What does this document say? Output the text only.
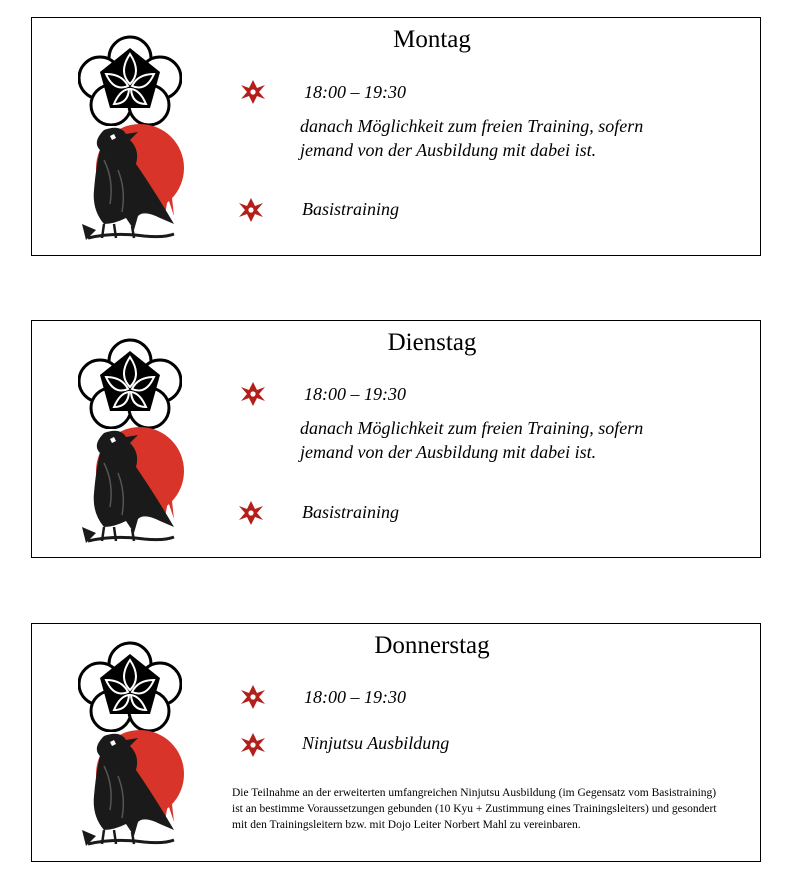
Montag
18:00 – 19:30
danach Möglichkeit zum freien Training, sofern
jemand von der Ausbildung mit dabei ist.
Basistraining
Dienstag
18:00 – 19:30
danach Möglichkeit zum freien Training, sofern
jemand von der Ausbildung mit dabei ist.
Basistraining
Donnerstag
18:00 – 19:30
Ninjutsu Ausbildung
Die Teilnahme an der erweiterten umfangreichen Ninjutsu Ausbildung (im Gegensatz vom Basistraining) ist an bestimme Voraussetzungen gebunden (10 Kyu + Zustimmung eines Trainingsleiters) und gesondert mit den Trainingsleitern bzw. mit Dojo Leiter Norbert Mahl zu vereinbaren.
